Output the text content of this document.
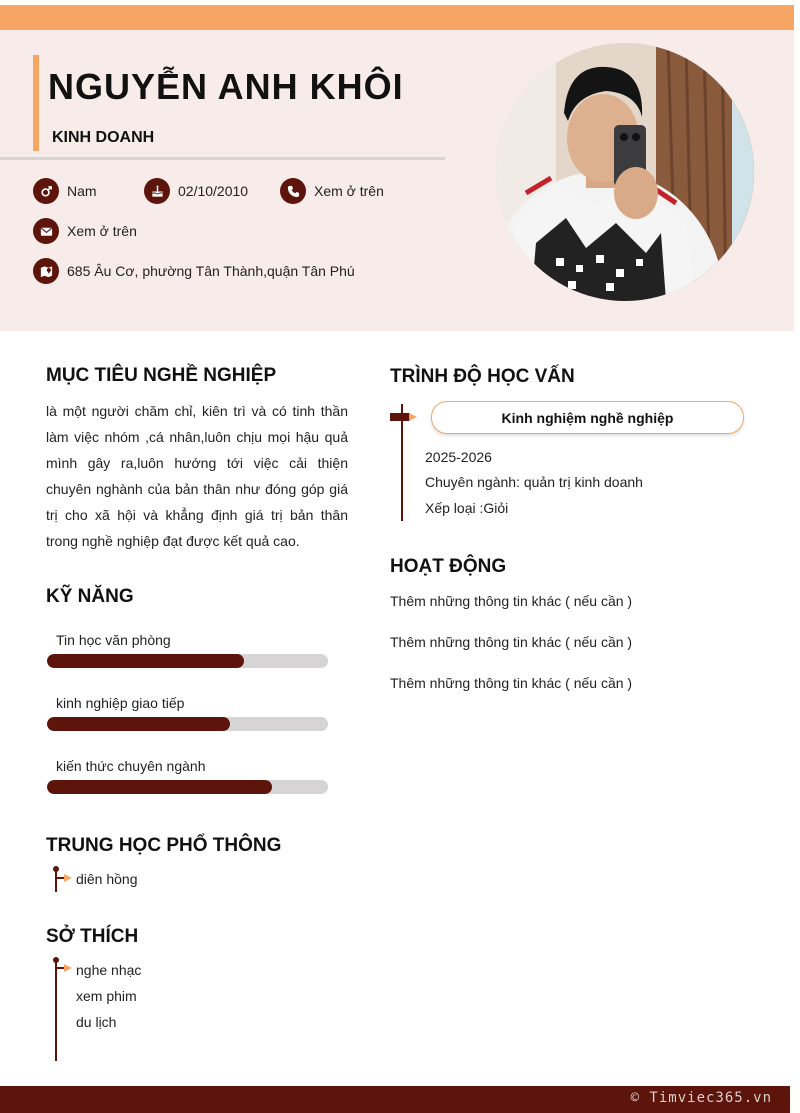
NGUYỄN ANH KHÔI
KINH DOANH
Nam	02/10/2010	Xem ở trên
Xem ở trên
685 Âu Cơ, phường Tân Thành,quận Tân Phú
MỤC TIÊU NGHỀ NGHIỆP
là một người chăm chỉ, kiên trì và có tinh thần làm việc nhóm ,cá nhân,luôn chịu mọi hậu quả mình gây ra,luôn hướng tới việc cải thiện chuyên nghành của bản thân như đóng góp giá trị cho xã hội và khẳng định giá trị bản thân trong nghề nghiệp đạt được kết quả cao.
KỸ NĂNG
Tin học văn phòng
kinh nghiệp giao tiếp
kiến thức chuyên ngành
TRUNG HỌC PHỔ THÔNG
diên hồng
SỞ THÍCH
nghe nhạc
xem phim
du lịch
TRÌNH ĐỘ HỌC VẤN
Kinh nghiệm nghề nghiệp
2025-2026
Chuyên ngành: quản trị kinh doanh
Xếp loại :Giỏi
HOẠT ĐỘNG
Thêm những thông tin khác ( nếu cần )
Thêm những thông tin khác ( nếu cần )
Thêm những thông tin khác ( nếu cần )
© Timviec365.vn
